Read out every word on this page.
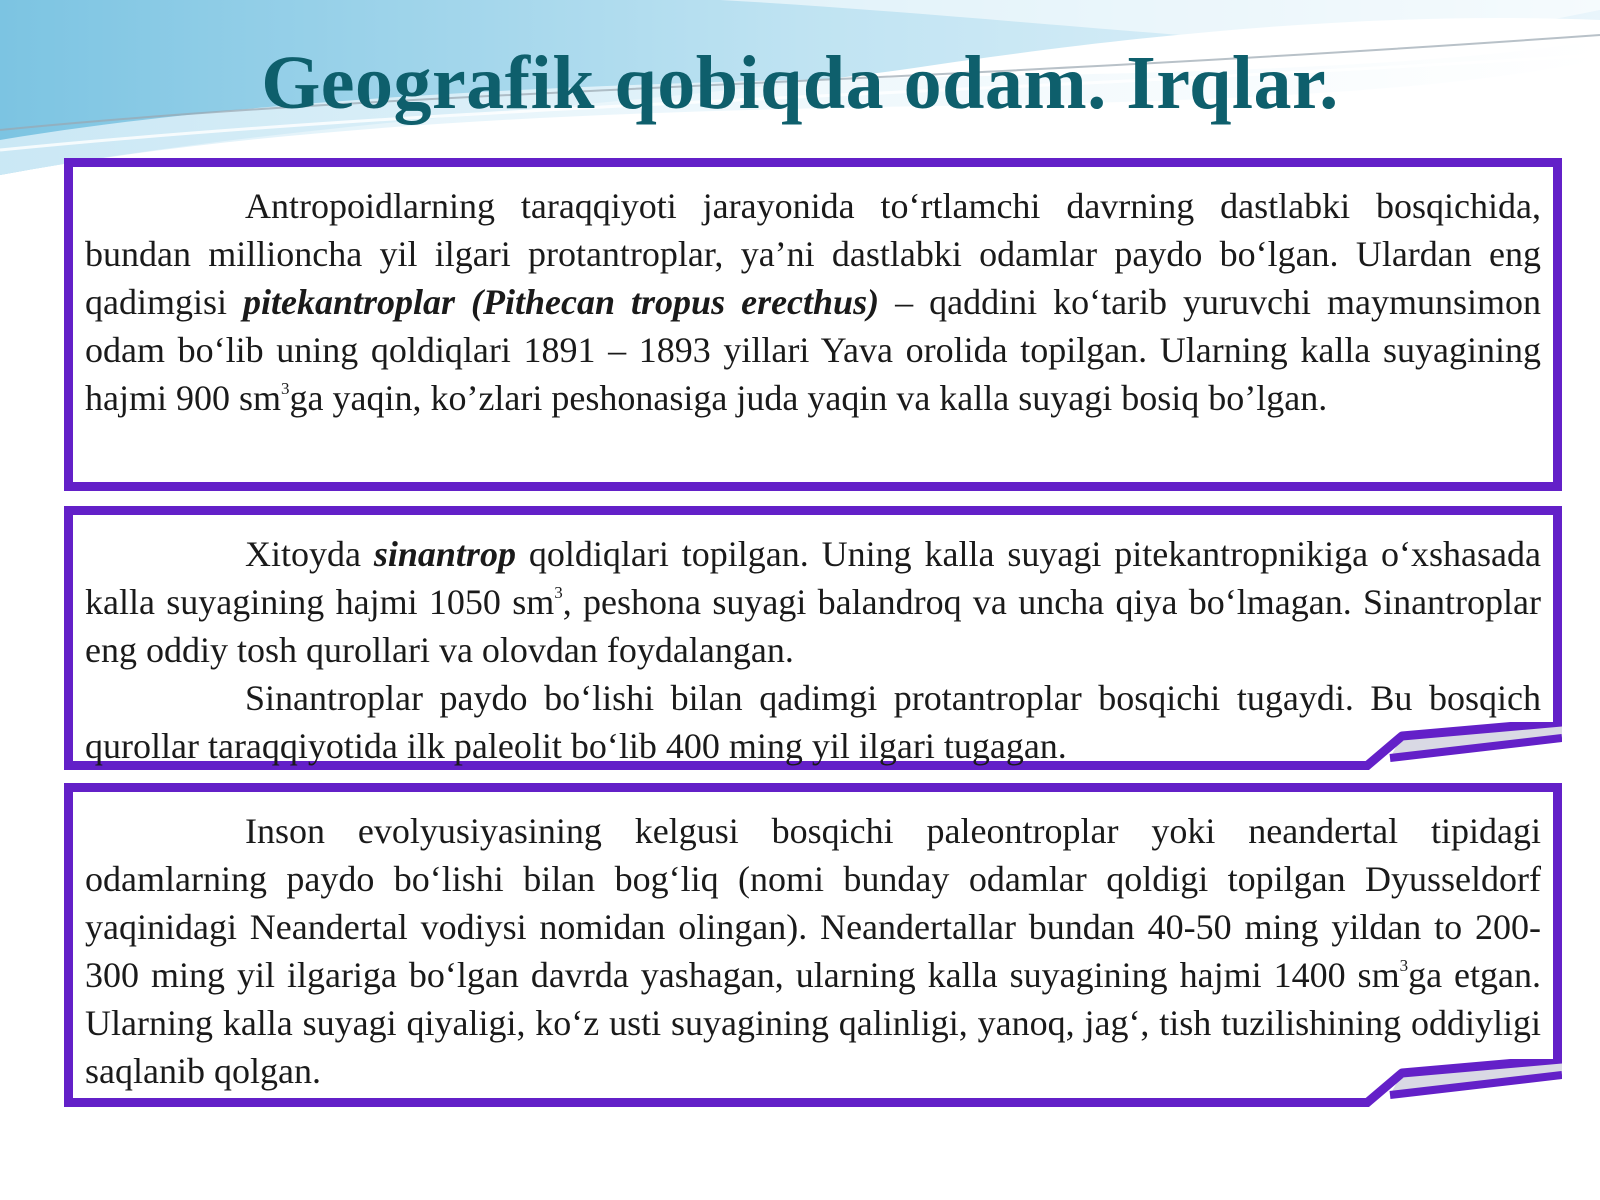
Geografik qobiqda odam. Irqlar.

Antropoidlarning taraqqiyoti jarayonida to‘rtlamchi davrning dastlabki bosqichida, bundan millioncha yil ilgari protantroplar, ya’ni dastlabki odamlar paydo bo‘lgan. Ulardan eng qadimgisi pitekantroplar (Pithecan tropus erecthus) – qaddini ko‘tarib yuruvchi maymunsimon odam bo‘lib uning qoldiqlari 1891 – 1893 yillari Yava orolida topilgan. Ularning kalla suyagining hajmi 900 $sm^3ga$ yaqin, ko’zlari peshonasiga juda yaqin va kalla suyagi bosiq bo’lgan.

Xitoyda sinantrop qoldiqlari topilgan. Uning kalla suyagi pitekantropnikiga o‘xshasada kalla suyagining hajmi 1050 $sm^3$, peshona suyagi balandroq va uncha qiya bo‘lmagan. Sinantroplar eng oddiy tosh qurollari va olovdan foydalangan.

Sinantroplar paydo bo‘lishi bilan qadimgi protantroplar bosqichi tugaydi. Bu bosqich qurollar taraqqiyotida ilk paleolit bo‘lib 400 ming yil ilgari tugagan.

Inson evolyusiyasining kelgusi bosqichi paleontroplar yoki neandertal tipidagi odamlarning paydo bo‘lishi bilan bog‘liq (nomi bunday odamlar qoldigi topilgan Dyusseldorf yaqinidagi Neandertal vodiysi nomidan olingan). Neandertallar bundan 40-50 ming yildan to 200-300 ming yil ilgariga bo‘lgan davrda yashagan, ularning kalla suyagining hajmi 1400 $sm^3ga$ etgan. Ularning kalla suyagi qiyaligi, ko‘z usti suyagining qalinligi, yanoq, jag‘, tish tuzilishining oddiyligi saqlanib qolgan.
